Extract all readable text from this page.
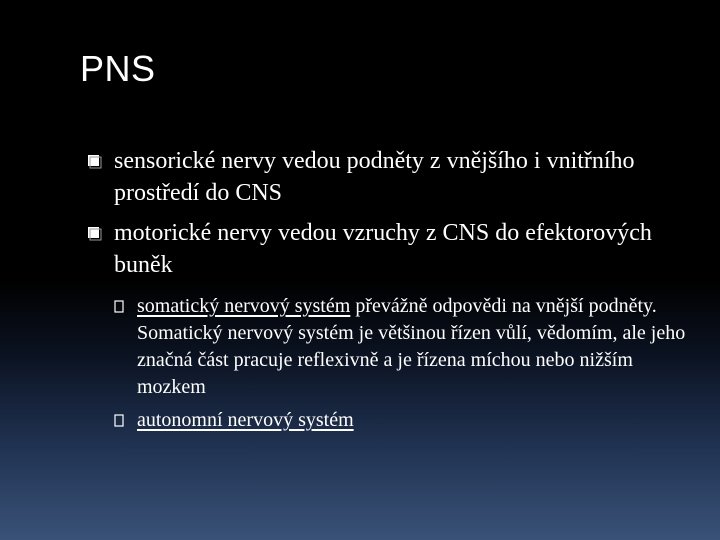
PNS
sensorické nervy vedou podněty z vnějšího i vnitřního prostředí do CNS
motorické nervy vedou vzruchy z CNS do efektorových buněk
somatický nervový systém převážně odpovědi na vnější podněty. Somatický nervový systém je většinou řízen vůlí, vědomím, ale jeho značná část pracuje reflexivně a je řízena míchou nebo nižším mozkem
autonomní nervový systém
